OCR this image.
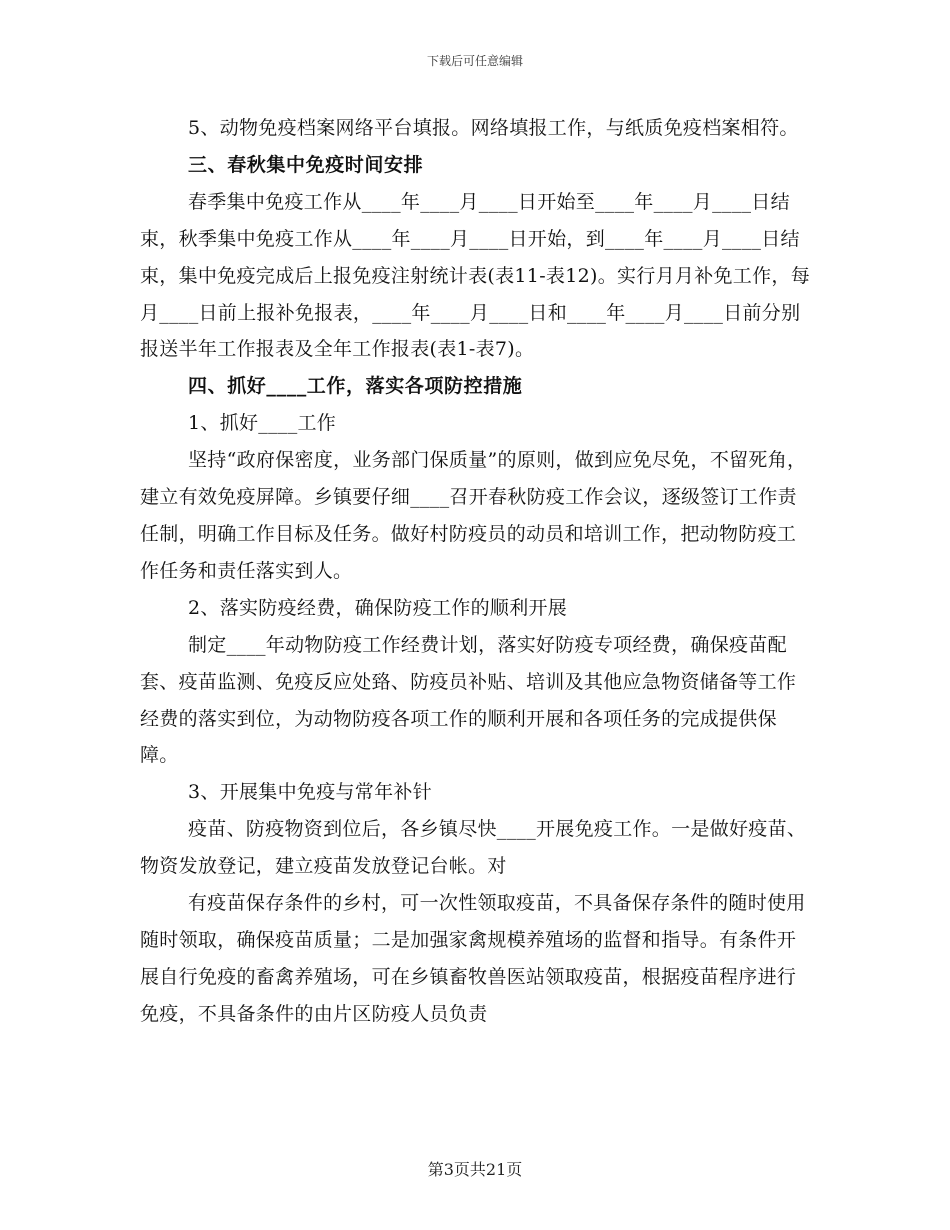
下载后可任意编辑

5、动物免疫档案网络平台填报。网络填报工作，与纸质免疫档案相符。

三、春秋集中免疫时间安排

春季集中免疫工作从____年____月____日开始至____年____月____日结束，秋季集中免疫工作从____年____月____日开始，到____年____月____日结束，集中免疫完成后上报免疫注射统计表(表11-表12)。实行月月补免工作，每月____日前上报补免报表，____年____月____日和____年____月____日前分别报送半年工作报表及全年工作报表(表1-表7)。

四、抓好____工作，落实各项防控措施

1、抓好____工作

坚持“政府保密度，业务部门保质量”的原则，做到应免尽免，不留死角，建立有效免疫屏障。乡镇要仔细____召开春秋防疫工作会议，逐级签订工作责任制，明确工作目标及任务。做好村防疫员的动员和培训工作，把动物防疫工作任务和责任落实到人。

2、落实防疫经费，确保防疫工作的顺利开展

制定____年动物防疫工作经费计划，落实好防疫专项经费，确保疫苗配套、疫苗监测、免疫反应处臵、防疫员补贴、培训及其他应急物资储备等工作经费的落实到位，为动物防疫各项工作的顺利开展和各项任务的完成提供保障。

3、开展集中免疫与常年补针

疫苗、防疫物资到位后，各乡镇尽快____开展免疫工作。一是做好疫苗、物资发放登记，建立疫苗发放登记台帐。对

有疫苗保存条件的乡村，可一次性领取疫苗，不具备保存条件的随时使用随时领取，确保疫苗质量；二是加强家禽规模养殖场的监督和指导。有条件开展自行免疫的畜禽养殖场，可在乡镇畜牧兽医站领取疫苗，根据疫苗程序进行免疫，不具备条件的由片区防疫人员负责

第3页共21页
